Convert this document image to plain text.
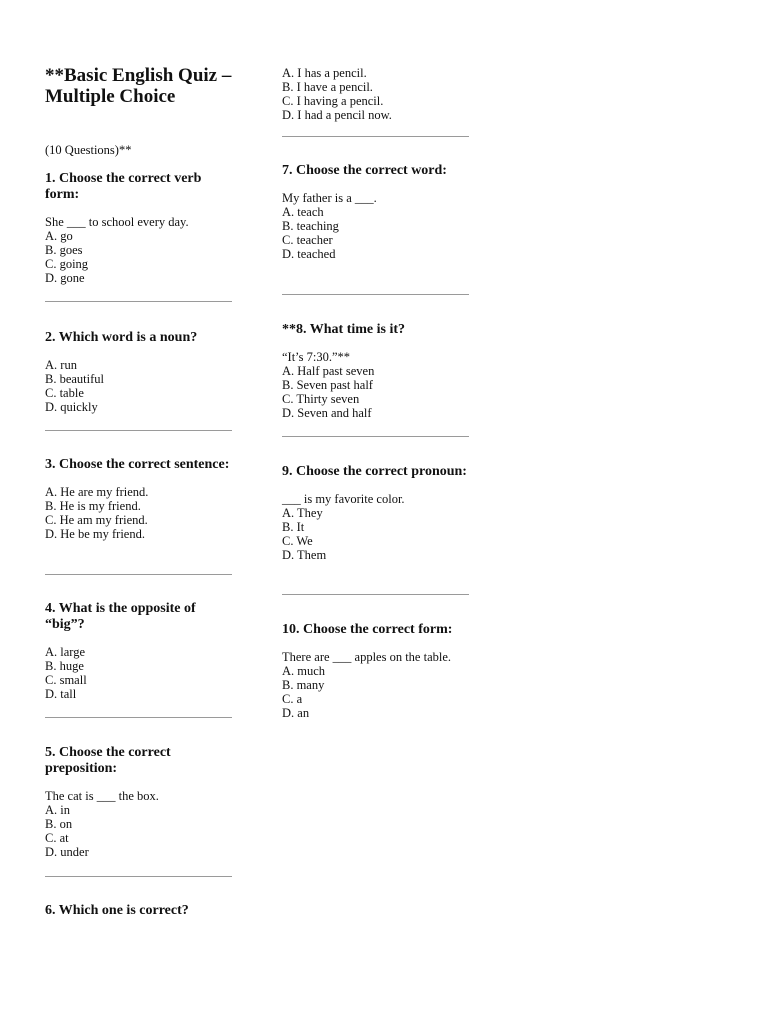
**Basic English Quiz – Multiple Choice

(10 Questions)**

1. Choose the correct verb form:
She ___ to school every day.
A. go
B. goes
C. going
D. gone
2. Which word is a noun?
A. run
B. beautiful
C. table
D. quickly
3. Choose the correct sentence:
A. He are my friend.
B. He is my friend.
C. He am my friend.
D. He be my friend.
4. What is the opposite of “big”?
A. large
B. huge
C. small
D. tall
5. Choose the correct preposition:
The cat is ___ the box.
A. in
B. on
C. at
D. under
6. Which one is correct?
A. I has a pencil.
B. I have a pencil.
C. I having a pencil.
D. I had a pencil now.
7. Choose the correct word:
My father is a ___.
A. teach
B. teaching
C. teacher
D. teached
**8. What time is it?
“It’s 7:30.”**
A. Half past seven
B. Seven past half
C. Thirty seven
D. Seven and half
9. Choose the correct pronoun:
___ is my favorite color.
A. They
B. It
C. We
D. Them
10. Choose the correct form:
There are ___ apples on the table.
A. much
B. many
C. a
D. an
